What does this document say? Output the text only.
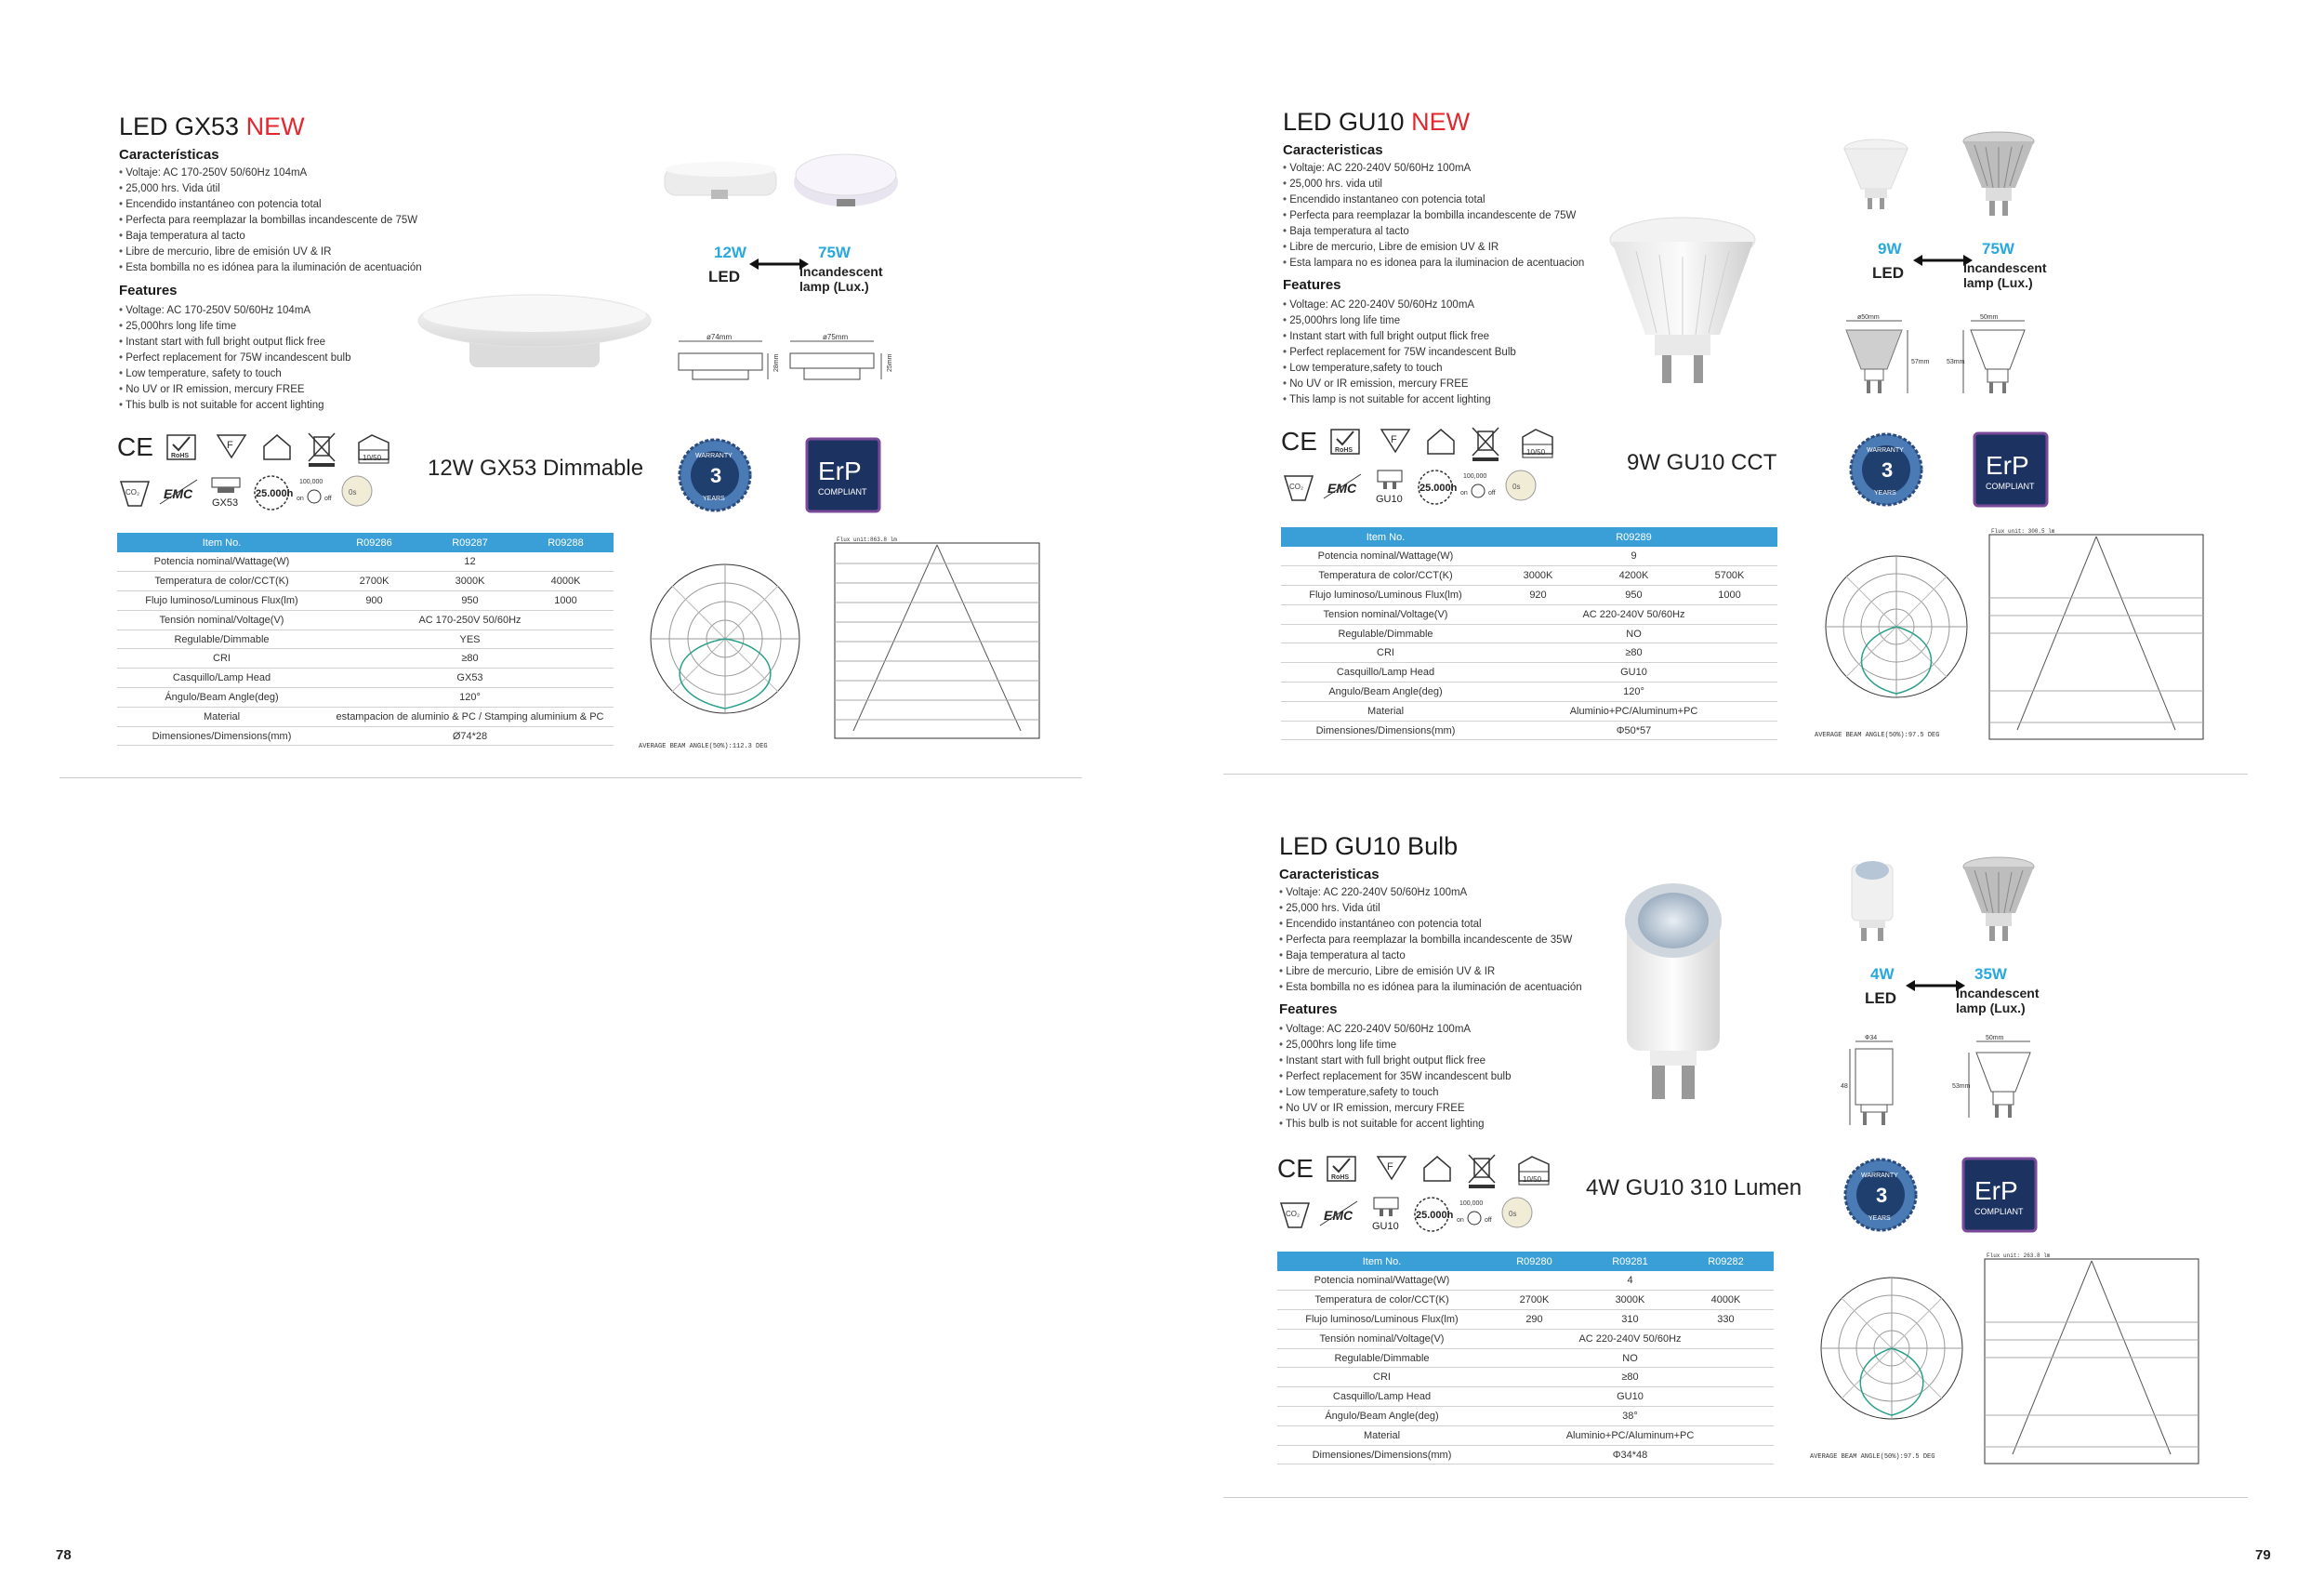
LED GX53 NEW
Características
• Voltaje: AC 170-250V 50/60Hz 104mA
• 25,000 hrs. Vida útil
• Encendido instantáneo con potencia total
• Perfecta para reemplazar la bombillas incandescente de 75W
• Baja temperatura al tacto
• Libre de mercurio, libre de emisión UV & IR
• Esta bombilla no es idónea para la iluminación de acentuación
Features
• Voltage: AC 170-250V 50/60Hz 104mA
• 25,000hrs long life time
• Instant start with full bright output flick free
• Perfect replacement for 75W incandescent bulb
• Low temperature, safety to touch
• No UV or IR emission, mercury FREE
• This bulb is not suitable for accent lighting
12W
LED
75W
Incandescent
lamp (Lux.)
ø74mm
28mm
ø75mm
25mm
CE	RoHS
F
10/50
CO₂ EMC
GX53
25.000h
100,000
on	off
0s
12W GX53 Dimmable	3
WARRANTY
YEARS
ErP
COMPLIANT
Item No.	R09286	R09287	R09288
Potencia nominal/Wattage(W)	12		
Temperatura de color/CCT(K)	2700K	3000K	4000K
Flujo luminoso/Luminous Flux(lm)	900	950	1000
Tensión nominal/Voltage(V)	AC 170-250V 50/60Hz		
Regulable/Dimmable	YES		
CRI	≥80		
Casquillo/Lamp Head	GX53		
Ángulo/Beam Angle(deg)	120°		
Material	estampacion de aluminio & PC / Stamping aluminium & PC		
Dimensiones/Dimensions(mm)	Ø74*28		
AVERAGE BEAM ANGLE(50%):112.3 DEG
Flux unit:863.8 lm
LED GU10 NEW
Caracteristicas
• Voltaje: AC 220-240V 50/60Hz 100mA
• 25,000 hrs. vida util
• Encendido instantaneo con potencia total
• Perfecta para reemplazar la bombilla incandescente de 75W
• Baja temperatura al tacto
• Libre de mercurio, Libre de emision UV & IR
• Esta lampara no es idonea para la iluminacion de acentuacion
Features
• Voltage: AC 220-240V 50/60Hz 100mA
• 25,000hrs long life time
• Instant start with full bright output flick free
• Perfect replacement for 75W incandescent Bulb
• Low temperature,safety to touch
• No UV or IR emission, mercury FREE
• This lamp is not suitable for accent lighting
9W
LED
75W
Incandescent
lamp (Lux.)
ø50mm
57mm
50mm
53mm
CE	RoHS
F
10/50
CO₂ EMC
GU10
25.000h
100,000
on	off
0s
9W GU10 CCT	3
WARRANTY
YEARS
ErP
COMPLIANT
Item No.	R09289		
Potencia nominal/Wattage(W)	9		
Temperatura de color/CCT(K)	3000K	4200K	5700K
Flujo luminoso/Luminous Flux(lm)	920	950	1000
Tension nominal/Voltage(V)	AC 220-240V 50/60Hz		
Regulable/Dimmable	NO		
CRI	≥80		
Casquillo/Lamp Head	GU10		
Angulo/Beam Angle(deg)	120°		
Material	Aluminio+PC/Aluminum+PC		
Dimensiones/Dimensions(mm)	Φ50*57			AVERAGE BEAM ANGLE(50%):97.5 DEG
Flux unit: 300.5 lm
LED GU10 Bulb
Caracteristicas
• Voltaje: AC 220-240V 50/60Hz 100mA
• 25,000 hrs. Vida útil
• Encendido instantáneo con potencia total
• Perfecta para reemplazar la bombilla incandescente de 35W
• Baja temperatura al tacto
• Libre de mercurio, Libre de emisión UV & IR
• Esta bombilla no es idónea para la iluminación de acentuación
Features
• Voltage: AC 220-240V 50/60Hz 100mA
• 25,000hrs long life time
• Instant start with full bright output flick free
• Perfect replacement for 35W incandescent bulb
• Low temperature,safety to touch
• No UV or IR emission, mercury FREE
• This bulb is not suitable for accent lighting
4W
LED
35W
Incandescent
lamp (Lux.)
Ф34
48
50mm
53mm
CE	RoHS
F
10/50
CO₂ EMC
GU10
25.000h
100,000
on	off
0s
4W GU10 310 Lumen	3
WARRANTY
YEARS
ErP
COMPLIANT
Item No.	R09280	R09281	R09282
Potencia nominal/Wattage(W)	4		
Temperatura de color/CCT(K)	2700K	3000K	4000K
Flujo luminoso/Luminous Flux(lm)	290	310	330
Tensión nominal/Voltage(V)	AC 220-240V 50/60Hz		
Regulable/Dimmable	NO		
CRI	≥80		
Casquillo/Lamp Head	GU10		
Ángulo/Beam Angle(deg)	38°		
Material	Aluminio+PC/Aluminum+PC		
Dimensiones/Dimensions(mm)	Φ34*48			AVERAGE BEAM ANGLE(50%):97.5 DEG
Flux unit: 263.8 lm
78	79
